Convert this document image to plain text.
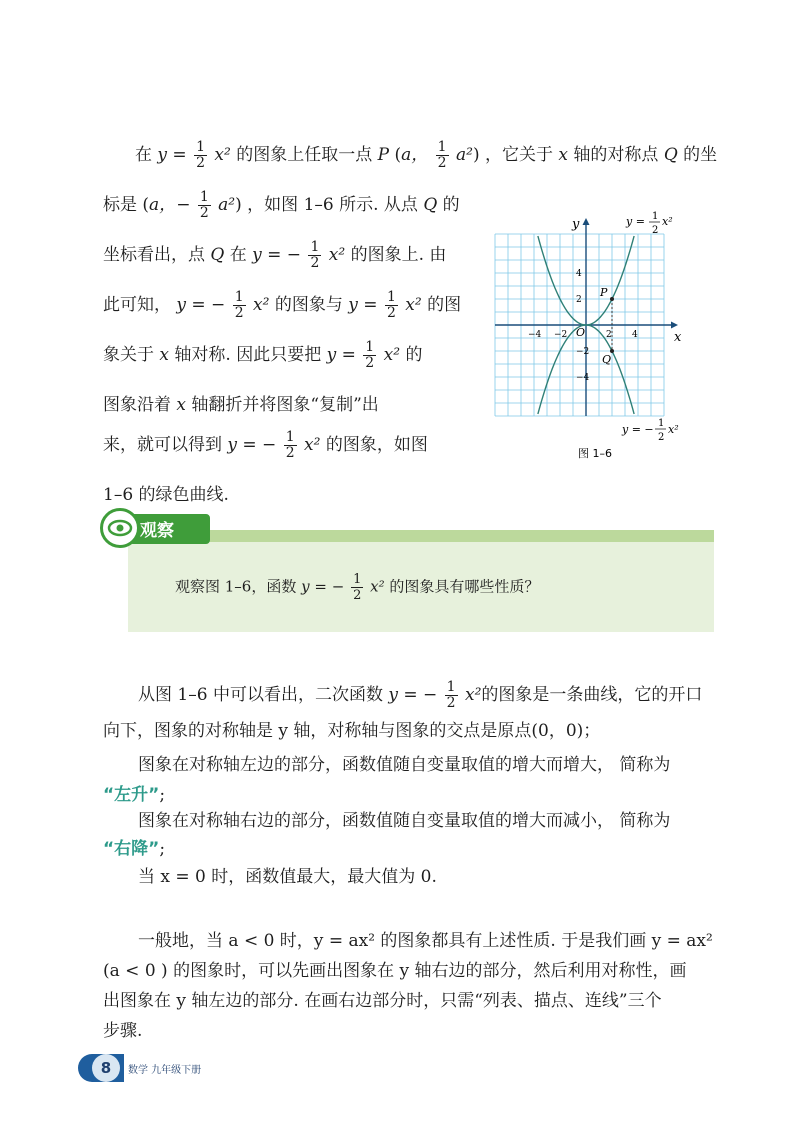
在 $y = \frac{1}{2} x^2$ 的图象上任取一点 P (a， $\frac{1}{2} a^2$) ，它关于 x 轴的对称点 Q 的坐
标是 (a，− $\frac{1}{2} a^2$) ，如图 1–6 所示. 从点 Q 的
坐标看出，点 Q 在 y = − $\frac{1}{2} x^2$ 的图象上. 由
此可知， y = − $\frac{1}{2} x^2$ 的图象与 $y = \frac{1}{2} x^2$ 的图
象关于 x 轴对称. 因此只要把 $y = \frac{1}{2} x^2$ 的
图象沿着 x 轴翻折并将图象“复制”出
来，就可以得到 y = − $\frac{1}{2} x^2$ 的图象，如图
1–6 的绿色曲线.
−4 −2	2 4
4
2
−2
−4
x
y
O
P
Q
y = 1
2
x²
y = − 1
2
x²
图 1–6
观察
观察图 1–6，函数 y = − $\frac{1}{2} x^2$ 的图象具有哪些性质？
从图 1–6 中可以看出，二次函数 y = − $\frac{1}{2} x^2$的图象是一条曲线，它的开口
向下，图象的对称轴是 y 轴，对称轴与图象的交点是原点(0，0)；
图象在对称轴左边的部分，函数值随自变量取值的增大而增大， 简称为
“左升”;
图象在对称轴右边的部分，函数值随自变量取值的增大而减小， 简称为
“右降”;
当 x = 0 时，函数值最大，最大值为 0.
一般地，当 a < 0 时，y = ax² 的图象都具有上述性质. 于是我们画 y = ax²
(a < 0 ) 的图象时，可以先画出图象在 y 轴右边的部分，然后利用对称性，画
出图象在 y 轴左边的部分. 在画右边部分时，只需“列表、描点、连线”三个
步骤.
8	数学 九年级下册
